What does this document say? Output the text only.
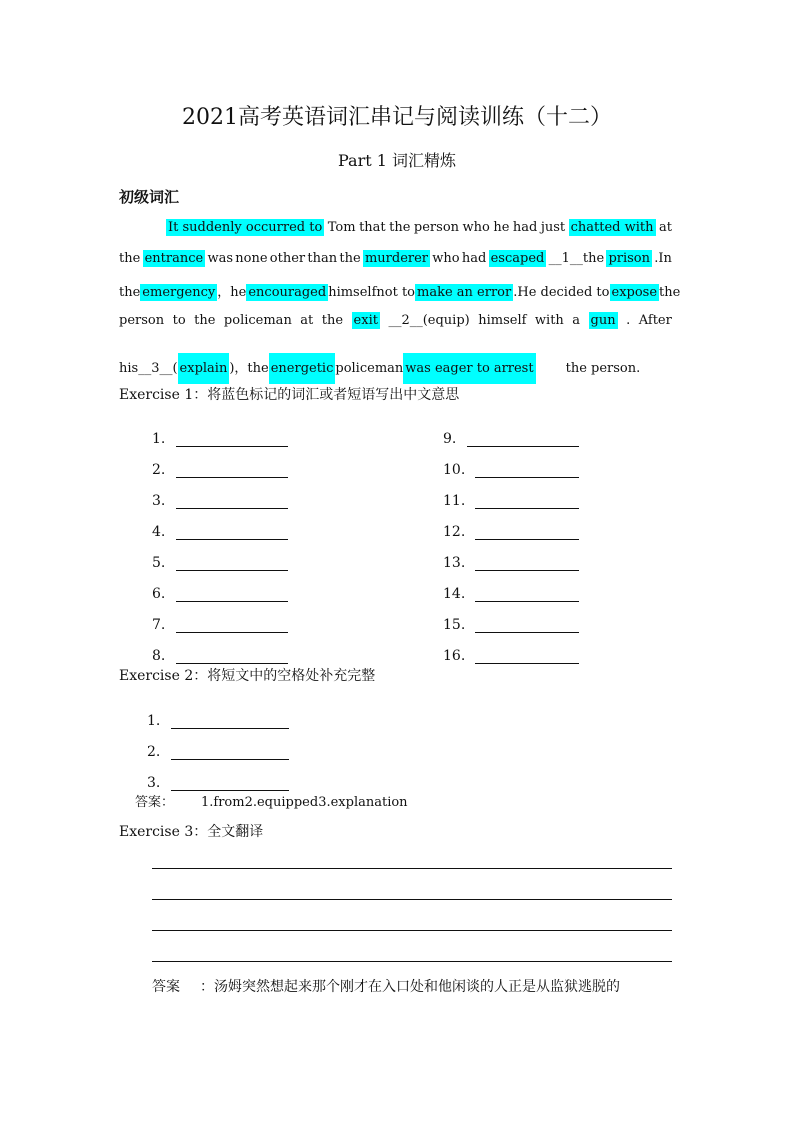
2021高考英语词汇串记与阅读训练（十二）
Part 1 词汇精炼
初级词汇
It suddenly occurred to Tom that the person who he had just chatted with at
the entrance was none other than the murderer who had escaped __1__the prison .In
the emergency ， he encouraged himself not to make an error .He decided to expose the
person to the policeman at the exit __2__(equip) himself with a gun . After
his__3__( explain )， the energetic policeman was eager to arrest the person.
Exercise 1：将蓝色标记的词汇或者短语写出中文意思
1.
2.
3.
4.
5.
6.
7.
8.
9.
10.
11.
12.
13.
14.
15.
16.
Exercise 2：将短文中的空格处补充完整
1.
2.
3.
答案： 1.from2.equipped3.explanation
Exercise 3：全文翻译
答案 ：汤姆突然想起来那个刚才在入口处和他闲谈的人正是从监狱逃脱的
